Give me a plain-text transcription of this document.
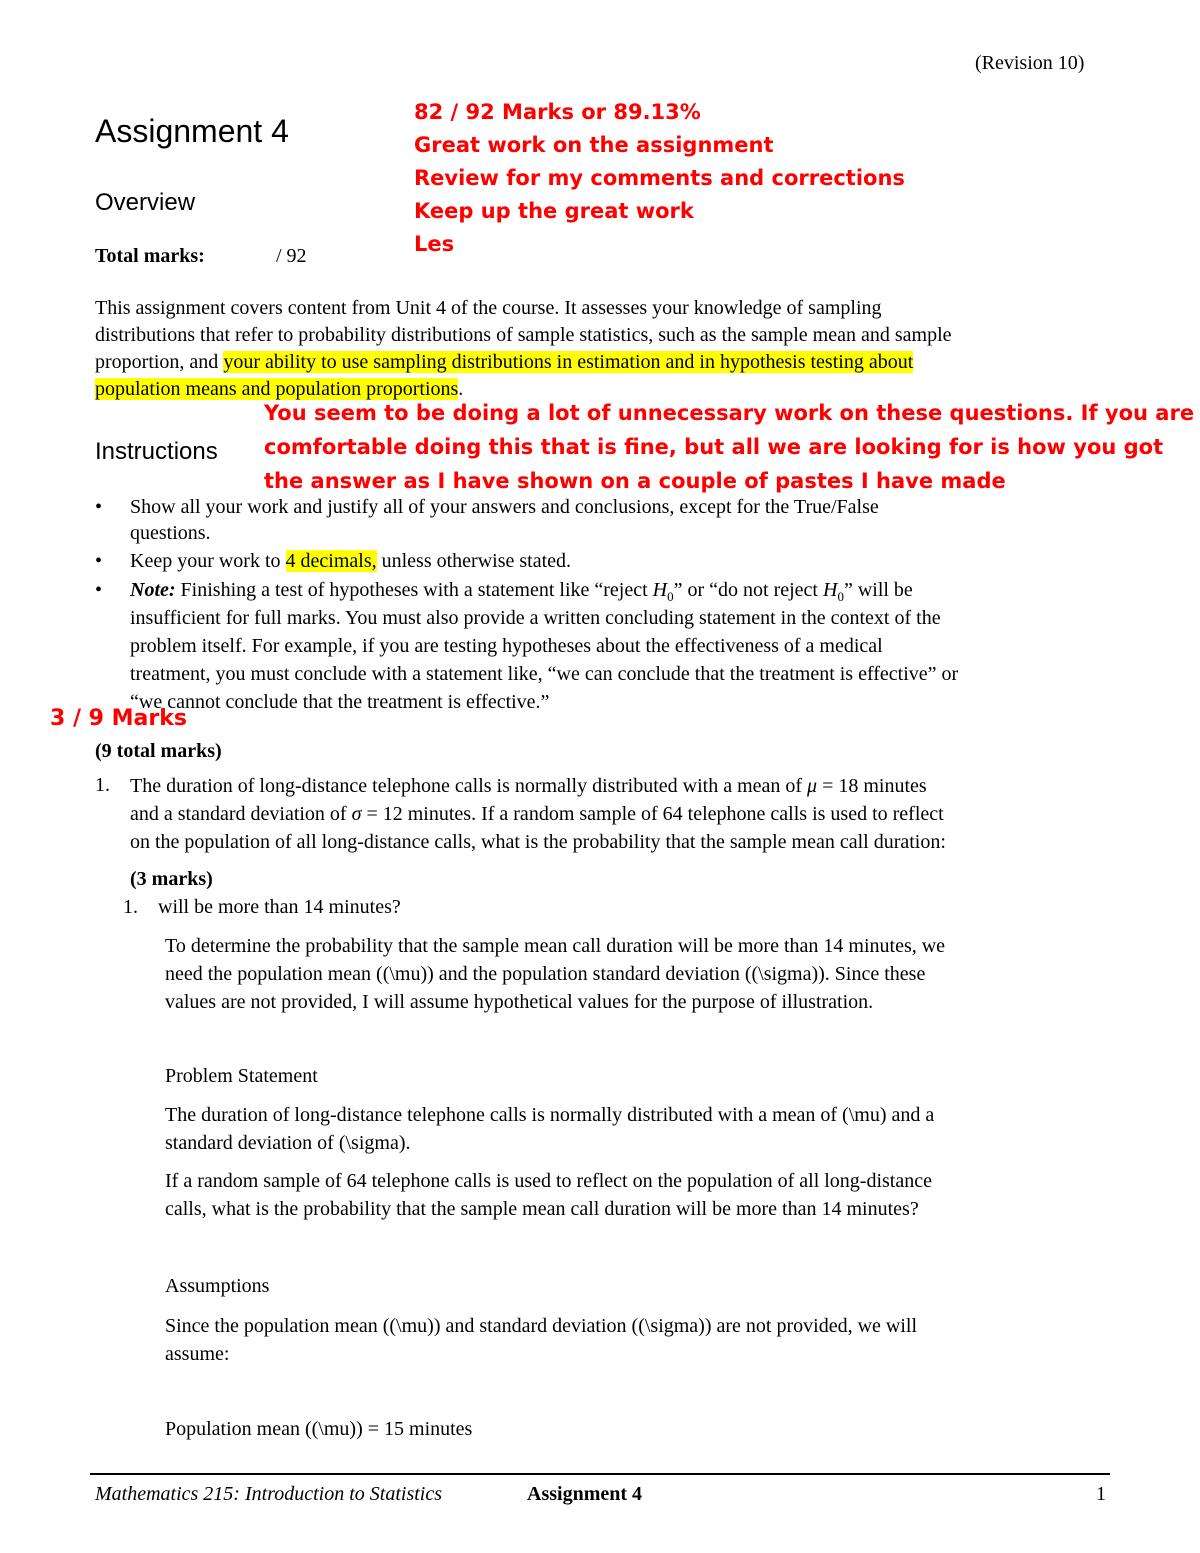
(Revision 10)
Assignment 4
Overview
Total marks:	/ 92
82 / 92 Marks or 89.13%
Great work on the assignment
Review for my comments and corrections
Keep up the great work
Les
This assignment covers content from Unit 4 of the course. It assesses your knowledge of sampling
distributions that refer to probability distributions of sample statistics, such as the sample mean and sample
proportion, and your ability to use sampling distributions in estimation and in hypothesis testing about
population means and population proportions.
Instructions
You seem to be doing a lot of unnecessary work on these questions. If you are
comfortable doing this that is fine, but all we are looking for is how you got
the answer as I have shown on a couple of pastes I have made
• Show all your work and justify all of your answers and conclusions, except for the True/False
questions.
• Keep your work to 4 decimals, unless otherwise stated.
• Note: Finishing a test of hypotheses with a statement like “reject $H_0$” or “do not reject $H_0$” will be
insufficient for full marks. You must also provide a written concluding statement in the context of the
problem itself. For example, if you are testing hypotheses about the effectiveness of a medical
treatment, you must conclude with a statement like, “we can conclude that the treatment is effective” or
“we cannot conclude that the treatment is effective.”
3 / 9 Marks
(9 total marks)
1. The duration of long-distance telephone calls is normally distributed with a mean of μ = 18 minutes
and a standard deviation of σ = 12 minutes. If a random sample of 64 telephone calls is used to reflect
on the population of all long-distance calls, what is the probability that the sample mean call duration:
(3 marks)
1. will be more than 14 minutes?
To determine the probability that the sample mean call duration will be more than 14 minutes, we
need the population mean ((\mu)) and the population standard deviation ((\sigma)). Since these
values are not provided, I will assume hypothetical values for the purpose of illustration.
Problem Statement
The duration of long-distance telephone calls is normally distributed with a mean of (\mu) and a
standard deviation of (\sigma).
If a random sample of 64 telephone calls is used to reflect on the population of all long-distance
calls, what is the probability that the sample mean call duration will be more than 14 minutes?
Assumptions
Since the population mean ((\mu)) and standard deviation ((\sigma)) are not provided, we will
assume:
Population mean ((\mu)) = 15 minutes
Mathematics 215: Introduction to Statistics	Assignment 4	1
